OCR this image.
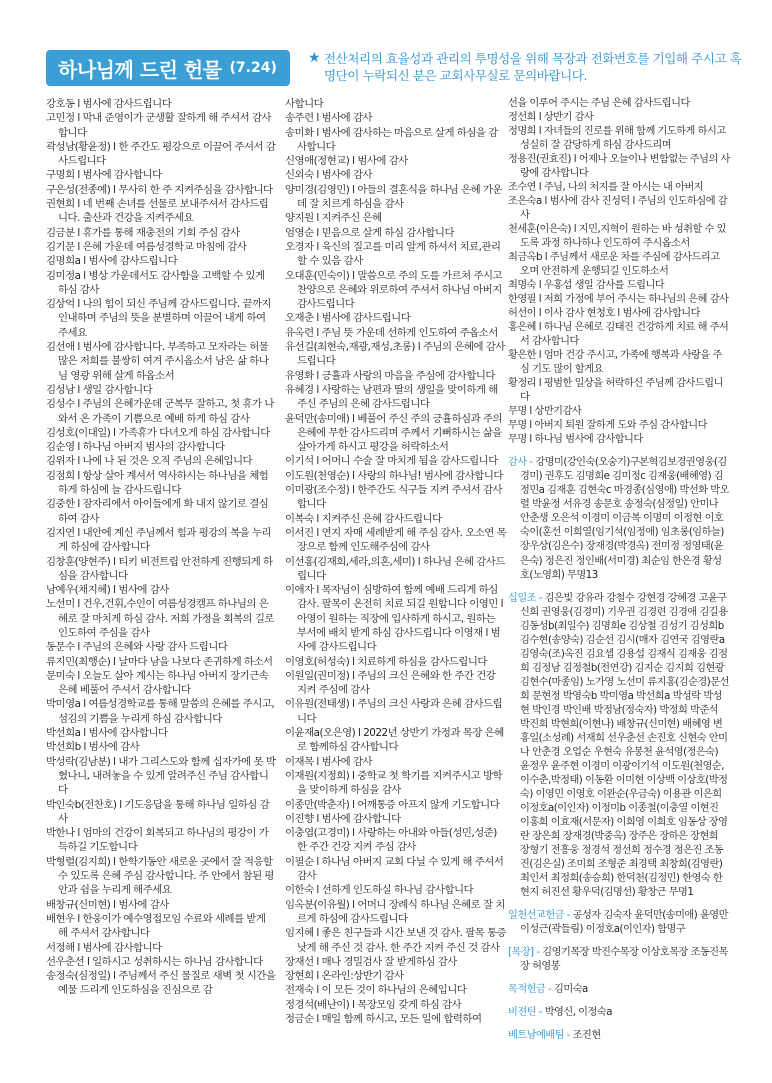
하나님께 드린 헌물 (7.24)
★ 전산처리의 효율성과 관리의 투명성을 위해 목장과 전화번호를 기입해 주시고 혹 명단이 누락되신 분은 교회사무실로 문의바랍니다.
강호동 l 범사에 감사드립니다
고민정 l 막내 준영이가 군생활 잘하게 해 주셔서 감사합니다
곽성남(황윤정) l 한 주간도 평강으로 이끌어 주셔서 감사드립니다
구명희 l 범사에 감사합니다
구은성(전종예) l 무사히 한 주 지켜주심을 감사합니다
권현희 l 네 번째 손녀를 선물로 보내주셔서 감사드립니다. 출산과 건강을 지켜주세요
김금분 l 휴가를 통해 재충전의 기회 주심 감사
김기문 l 은혜 가운데 여름성경학교 마침에 감사
김명희a l 범사에 감사드립니다
김미정a l 병상 가운데서도 감사함을 고백할 수 있게 하심 감사
김상억 l 나의 힘이 되신 주님께 감사드립니다. 끝까지 인내하며 주님의 뜻을 분별하며 이끌어 내게 하여 주세요
김선애 l 범사에 감사합니다. 부족하고 모자라는 허물 많은 저희를 불쌍히 여겨 주시옵소서 남은 삶 하나님 영광 위해 살게 하옵소서
김성남 l 생일 감사합니다
김성수 l 주님의 은혜가운데 군복무 잘하고, 첫 휴가 나와서 온 가족이 기쁨으로 예배 하게 하심 감사
김성호(이대일) l 가족휴가 다녀오게 하심 감사합니다
김순영 l 하나님 아버지 범사의 감사합니다
김위자 l 나에 나 된 것은 오직 주님의 은혜입니다
김점희 l 항상 살아 계셔서 역사하시는 하나님을 체험하게 하심에 늘 감사드립니다
김중한 l 잠자리에서 아이들에게 화 내지 않기로 결심하여 감사
김지연 l 내안에 계신 주님께서 힘과 평강의 복을 누리게 하심에 감사합니다
김창훈(양현주) l 티키 비전트립 안전하게 진행되게 하심을 감사합니다
남예우(채지혜) l 범사에 감사
노선미 l 건우,건휘,수인이 여름성경캠프 하나님의 은혜로 잘 마치게 하심 감사. 저희 가정을 회복의 길로 인도하여 주심을 감사
동문수 l 주님의 은혜와 사랑 감사 드립니다
류지민(최행순) l 날마다 남을 나보다 존귀하게 하소서
문미숙 l 오늘도 살아 계시는 하나님 아버지 장기근속 은혜 베풀어 주셔서 감사합니다
박미영a l 여름성경학교를 통해 말씀의 은혜를 주시고, 섬김의 기쁨을 누리게 하심 감사합니다
박선희a l 범사에 감사합니다
박선희b l 범사에 감사
박성락(김남분) l 내가 그리스도와 함께 십자가에 못 박혔나니, 내려놓을 수 있게 알려주신 주님 감사합니다
박인숙b(전찬호) l 기도응답을 통해 하나님 일하심 감사
박한나 l 엄마의 건강이 회복되고 하나님의 평강이 가득하길 기도합니다
박형렬(김지희) l 한학기동안 새로운 곳에서 잘 적응할 수 있도록 은혜 주심 감사합니다. 주 안에서 참된 평안과 쉼을 누리게 해주세요
배창규(신미현) l 범사에 감사
배현우 l 한웅이가 예수영접모임 수료와 세례를 받게 해 주셔서 감사합니다
서정해 l 범사에 감사합니다
선우춘선 l 일하시고 성취하시는 하나님 감사합니다
송정숙(심정일) l 주님께서 주신 물질로 새벽 첫 시간을 예물 드리게 인도하심을 진심으로 감
사합니다
송주련 l 범사에 감사
송미화 l 범사에 감사하는 마음으로 살게 하심을 감사합니다
신영애(정현교) l 범사에 감사
신외숙 l 범사에 감사
양미경(김영민) l 아들의 결혼식을 하나님 은혜 가운데 잘 치르게 하심을 감사
양지원 l 지켜주신 은혜
엄영순 l 믿음으로 살게 하심 감사합니다
오경자 l 육신의 질고를 미리 알게 하셔서 치료,관리 할 수 있음 감사
오대훈(민숙이) l 말씀으로 주의 도를 가르쳐 주시고 찬양으로 은혜와 위로하여 주셔서 하나님 아버지 감사드립니다
오재춘 l 범사에 감사드립니다
유옥련 l 주님 뜻 가운데 선하게 인도하여 주옵소서
유선길(최현숙,재광,재성,초롱) l 주님의 은혜에 감사드립니다
유영화 l 긍휼과 사랑의 마음을 주심에 감사합니다
유혜경 l 사랑하는 남편과 딸의 생일을 맞이하게 해주신 주님의 은혜 감사드립니다
윤덕만(송미애) l 베풀어 주신 주의 긍휼하심과 주의 은혜에 무한 감사드리며 주께서 기뻐하시는 삶을 살아가게 하시고 평강을 허락하소서
이기석 l 어머니 수술 잘 마치게 됨을 감사드립니다
이도원(천영순) l 사랑의 하나님! 범사에 감사합니다
이미광(조수정) l 한주간도 식구들 지켜 주셔서 감사합니다
이복숙 l 지켜주신 은혜 감사드립니다
이서진 l 연지 자매 세례받게 해 주심 감사. 오소연 목장으로 함께 인도해주심에 감사
이선홍(김재희,세라,의혼,세미) l 하나님 은혜 감사드립니다
이애자 l 목자님이 심방하여 함께 예배 드리게 하심 감사. 팔목이 온전히 치료 되길 원합니다 이영민 l 아영이 원하는 직장에 입사하게 하시고, 원하는 부서에 배치 받게 하심 감사드립니다 이영재 l 범사에 감사드립니다
이영호(허성숙) l 치료하게 하심을 감사드립니다
이원일(권미정) l 주님의 크신 은혜와 한 주간 건강 지켜 주심에 감사
이유원(전태생) l 주님의 크신 사랑과 은혜 감사드립니다
이윤재a(오은영) l 2022년 상반기 가정과 목장 은혜로 함께하심 감사합니다
이재목 l 범사에 감사
이재원(지정희) l 중학교 첫 학기를 지켜주시고 방학을 맞이하게 하심을 감사
이종만(박춘자) l 어깨통증 아프지 않게 기도합니다
이진향 l 범사에 감사합니다
이충엽(고경미) l 사랑하는 아내와 아들(성민,성준) 한 주간 건강 지켜 주심 감사
이필순 l 하나님 아버지 교회 다닐 수 있게 해 주셔서 감사
이한숙 l 선하게 인도하실 하나님 감사합니다
임옥분(이유월) l 어머니 장례식 하나님 은혜로 잘 치르게 하심에 감사드립니다
임지혜 l 좋은 친구들과 시간 보낸 것 감사. 팔목 통증 낫게 해 주신 것 감사. 한 주간 지켜 주신 것 감사
장재선 l 매나 경밀검사 잘 받게하심 감사
장현희 l 온라인:상반기 감사
전재숙 l 이 모든 것이 하나님의 은혜입니다
정경석(배난이) l 목장모임 갖게 하심 감사
정금순 l 매일 함께 하시고, 모든 일에 합력하여
선을 이루어 주시는 주님 은혜 감사드립니다
정선희 l 상반기 감사
정명희 l 자녀들의 진로를 위해 함께 기도하게 하시고 성실히 잘 감당하게 하심 감사드리며
정용진(권효진) l 어제나 오늘이나 변함없는 주님의 사랑에 감사합니다
조수연 l 주님, 나의 처지를 잘 아시는 내 아버지
조은숙a l 범사에 감사 진성덕 l 주님의 인도하심에 감사
천세훈(이은숙) l 지민,지혁이 원하는 바 성취할 수 있도록 과정 하나하나 인도하여 주시옵소서
최금옥b l 주님께서 새로운 차를 주심에 감사드리고 오며 안전하게 운행되길 인도하소서
최명숙 l 우홍섭 생일 감사를 드립니다
한영필 l 저희 가정에 부어 주시는 하나님의 은혜 감사
허선이 l 이사 감사 현청호 l 범사에 감사합니다
홍은혜 l 하나님 은혜로 김태진 건강하게 치료 해 주셔서 감사합니다
황은한 l 엄마 건강 주시고, 가족에 행복과 사랑을 주심 기도 많이 할게요
황정리 l 평범한 일상을 허락하신 주님께 감사드립니다
무명 l 상반기감사
무명 l 아버지 퇴원 잘하게 도와 주심 감사합니다
무명 l 하나님 범사에 감사합니다
감사 - 강명미(강인숙(오숭기)구본혁김보경권영웅(김경미) 권후도 김명희e 김미정c 김재웅(배혜영) 김정민a 김재훈 김현숙c 마경종(심영애) 박선화 박오렬 박윤정 서유경 송문호 송정숙(심정일) 안미나 안춘생 오은석 이경미 이금복 이명미 이정현 이호숙이(훈선 이희열(임기석(임정애) 임초롱(임하늘) 장우상(김은수) 장재경(박경옥) 전미정 정영태(윤은숙) 정은진 정인배(서미경) 최순임 한은경 황성호(노영희) 무명13
십일조 - 김은빛 강유라 강철수 강현경 강혜경 고윤구신희 권영웅(김경미) 기우권 김경련 김경애 김길용 김동성b(최일수) 김명희e 김상철 김성기 김성희b 김수현(송양숙) 김순선 김시(매자 김연국 김영란a 김영숙(조)옥진 김요셉 김용섭 김재식 김재웅 김점희 김정남 김정철b(전연강) 김지순 김지희 김현광 김현수(마종임) 노가영 노선미 류지홍(김순경)문선희 문현정 박영숙b 박미영a 박선희a 박성락 박성현 박인경 박인배 박정남(정숙자) 박정희 박준석 박진희 박현희(이현나) 배창규(신미현) 배혜영 변홍일(소성례) 서재희 선우춘선 손진호 신현숙 안미나 안춘경 오업순 우현숙 유봉천 윤석영(정은숙) 윤정우 윤주현 이경미 이광이기석 이도원(천영순,이수춘,박정태) 이동환 이미현 이상백 이상호(박정숙) 이영민 이영호 이완순(우금숙) 이용관 이은희 이정호a(이인자) 이정미b 이종철(이충열 이현진 이홍희 이효재(서문자) 이희영 이희호 임동상 장영란 장은희 장재경(박중옥) 장주은 장하은 장현희 장형기 전흥웅 정경석 정선희 정수경 정은진 조동진(김은실) 조미희 조형준 최경택 최창희(김영란) 최인서 최정희(송승희) 한덕천(김정민) 한영숙 한현지 허진선 황우덕(김명선) 황창근 무명1
일천선교헌금 - 공성자 김숙자 윤덕만(송미애) 윤영만 이성근(곽들림) 이정호a(이인자) 함명구
[목장] - 김영기목장 박진수목장 이상호목장 조동진목장 허영봉
목적헌금 - 김미숙a
비젼틴 - 박영신, 이정숙a
베트남예배팀 - 조진현
